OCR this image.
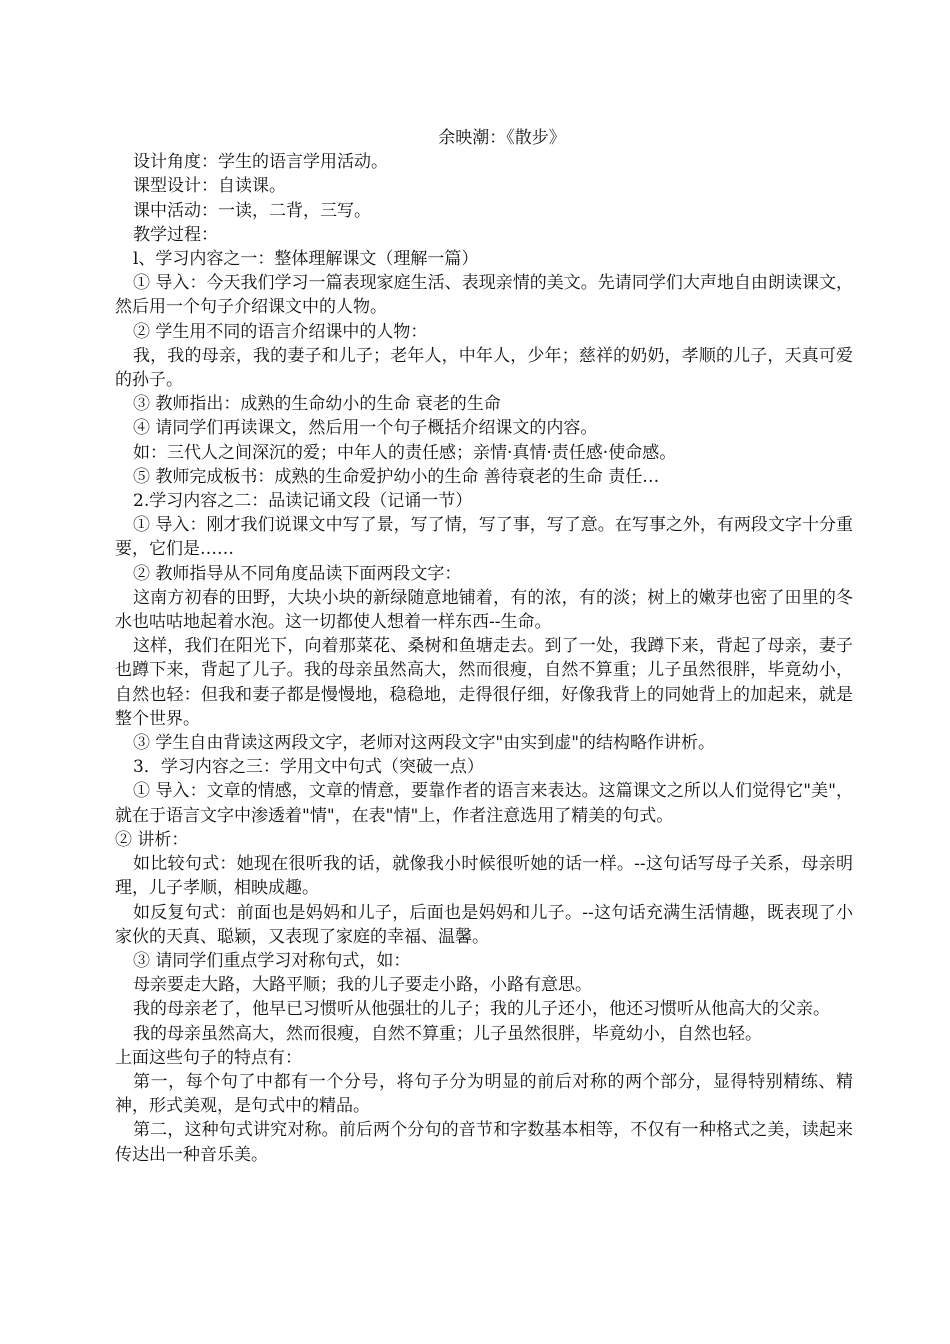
余映潮：《散步》

设计角度：学生的语言学用活动。

课型设计：自读课。

课中活动：一读，二背，三写。

教学过程：

l、学习内容之一：整体理解课文（理解一篇）

① 导入：今天我们学习一篇表现家庭生活、表现亲情的美文。先请同学们大声地自由朗读课文，然后用一个句子介绍课文中的人物。

② 学生用不同的语言介绍课中的人物：

我，我的母亲，我的妻子和儿子；老年人，中年人，少年；慈祥的奶奶，孝顺的儿子，天真可爱的孙子。

③ 教师指出：成熟的生命幼小的生命 衰老的生命

④ 请同学们再读课文，然后用一个句子概括介绍课文的内容。

如：三代人之间深沉的爱；中年人的责任感；亲情·真情·责任感·使命感。

⑤ 教师完成板书：成熟的生命爱护幼小的生命 善待衰老的生命 责任…

2.学习内容之二：品读记诵文段（记诵一节）

① 导入：刚才我们说课文中写了景，写了情，写了事，写了意。在写事之外，有两段文字十分重要，它们是……

② 教师指导从不同角度品读下面两段文字：

这南方初春的田野，大块小块的新绿随意地铺着，有的浓，有的淡；树上的嫩芽也密了田里的冬水也咕咕地起着水泡。这一切都使人想着一样东西--生命。

这样，我们在阳光下，向着那菜花、桑树和鱼塘走去。到了一处，我蹲下来，背起了母亲，妻子也蹲下来，背起了儿子。我的母亲虽然高大，然而很瘦，自然不算重；儿子虽然很胖，毕竟幼小，自然也轻：但我和妻子都是慢慢地，稳稳地，走得很仔细，好像我背上的同她背上的加起来，就是整个世界。

③ 学生自由背读这两段文字，老师对这两段文字"由实到虚"的结构略作讲析。

3．学习内容之三：学用文中句式（突破一点）

① 导入：文章的情感，文章的情意，要靠作者的语言来表达。这篇课文之所以人们觉得它"美"，就在于语言文字中渗透着"情"，在表"情"上，作者注意选用了精美的句式。

② 讲析：

如比较句式：她现在很听我的话，就像我小时候很听她的话一样。--这句话写母子关系，母亲明理，儿子孝顺，相映成趣。

如反复句式：前面也是妈妈和儿子，后面也是妈妈和儿子。--这句话充满生活情趣，既表现了小家伙的天真、聪颖，又表现了家庭的幸福、温馨。

③ 请同学们重点学习对称句式，如：

母亲要走大路，大路平顺；我的儿子要走小路，小路有意思。

我的母亲老了，他早已习惯听从他强壮的儿子；我的儿子还小，他还习惯听从他高大的父亲。

我的母亲虽然高大，然而很瘦，自然不算重；儿子虽然很胖，毕竟幼小，自然也轻。

上面这些句子的特点有：

第一，每个句了中都有一个分号，将句子分为明显的前后对称的两个部分，显得特别精练、精神，形式美观，是句式中的精品。

第二，这种句式讲究对称。前后两个分句的音节和字数基本相等，不仅有一种格式之美，读起来传达出一种音乐美。
